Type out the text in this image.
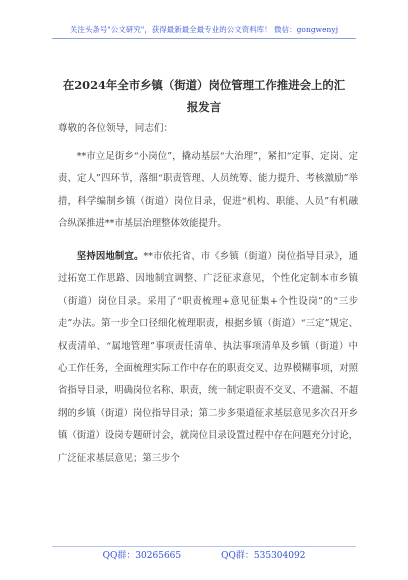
关注头条号"公文研究"，获得最新最全最专业的公文资料库！ 微信：gongwenyj
在2024年全市乡镇（街道）岗位管理工作推进会上的汇报发言
尊敬的各位领导，同志们：
**市立足街乡“小岗位”，撬动基层“大治理”，紧扣“定事、定岗、定责、定人”四环节，落细“职责管理、人员统筹、能力提升、考核激励”举措，科学编制乡镇（街道）岗位目录，促进“机构、职能、人员”有机融合纵深推进**市基层治理整体效能提升。
坚持因地制宜。**市依托省、市《乡镇（街道）岗位指导目录》，通过拓宽工作思路、因地制宜调整、广泛征求意见，个性化定制本市乡镇（街道）岗位目录。采用了“职责梳理+意见征集+个性设岗”的“三步走”办法。第一步全口径细化梳理职责，根据乡镇（街道）“三定”规定、权责清单、“属地管理”事项责任清单、执法事项清单及乡镇（街道）中心工作任务，全面梳理实际工作中存在的职责交叉、边界模糊事项，对照省指导目录，明确岗位名称、职责，统一制定职责不交叉、不遗漏、不超纲的乡镇（街道）岗位指导目录；第二步多渠道征求基层意见多次召开乡镇（街道）设岗专题研讨会，就岗位目录设置过程中存在问题充分讨论，广泛征求基层意见；第三步个
QQ群：30265665	QQ群：535304092
